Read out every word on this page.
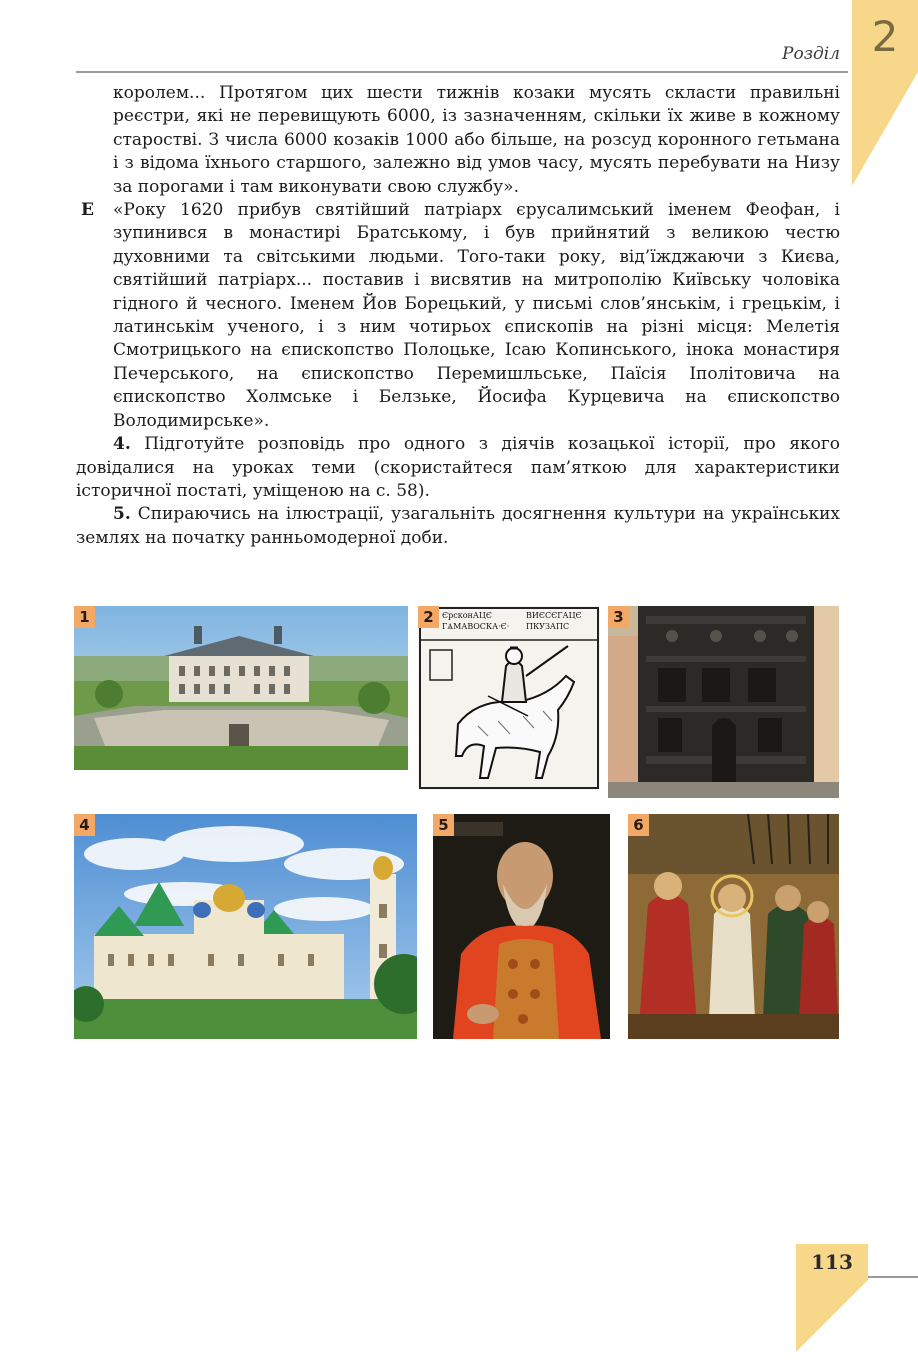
Розділ 2

королем... Протягом цих шести тижнів козаки мусять скласти правильні реєстри, які не перевищують 6000, із зазначенням, скільки їх живе в кожному старостві. З числа 6000 козаків 1000 або більше, на розсуд коронного гетьмана і з відома їхнього старшого, залежно від умов часу, мусять перебувати на Низу за порогами і там виконувати свою службу».

Е «Року 1620 прибув святійший патріарх єрусалимський іменем Феофан, і зупинився в монастирі Братському, і був прийнятий з великою честю духовними та світськими людьми. Того-таки року, від’їжджаючи з Києва, святійший патріарх... поставив і висвятив на митрополію Київську чоловіка гідного й чесного. Іменем Йов Борецький, у письмі слов’янськім, і грецькім, і латинськім ученого, і з ним чотирьох єпископів на різні місця: Мелетія Смотрицького на єпископство Полоцьке, Ісаю Копинського, інока монастиря Печерського, на єпископство Перемишльське, Паїсія Іполітовича на єпископство Холмське і Белзьке, Йосифа Курцевича на єпископство Володимирське».

4. Підготуйте розповідь про одного з діячів козацької історії, про якого довідалися на уроках теми (скористайтеся пам’яткою для характеристики історичної постаті, уміщеною на с. 58).

5. Спираючись на ілюстрації, узагальніть досягнення культури на українських землях на початку ранньомодерної доби.

1	2	ЄрсконАЦЄ ГѦМАВОСКА·Є·
ВИЄСЄГАЦЄ ПКУЗАПС
3
4	5	6
113
